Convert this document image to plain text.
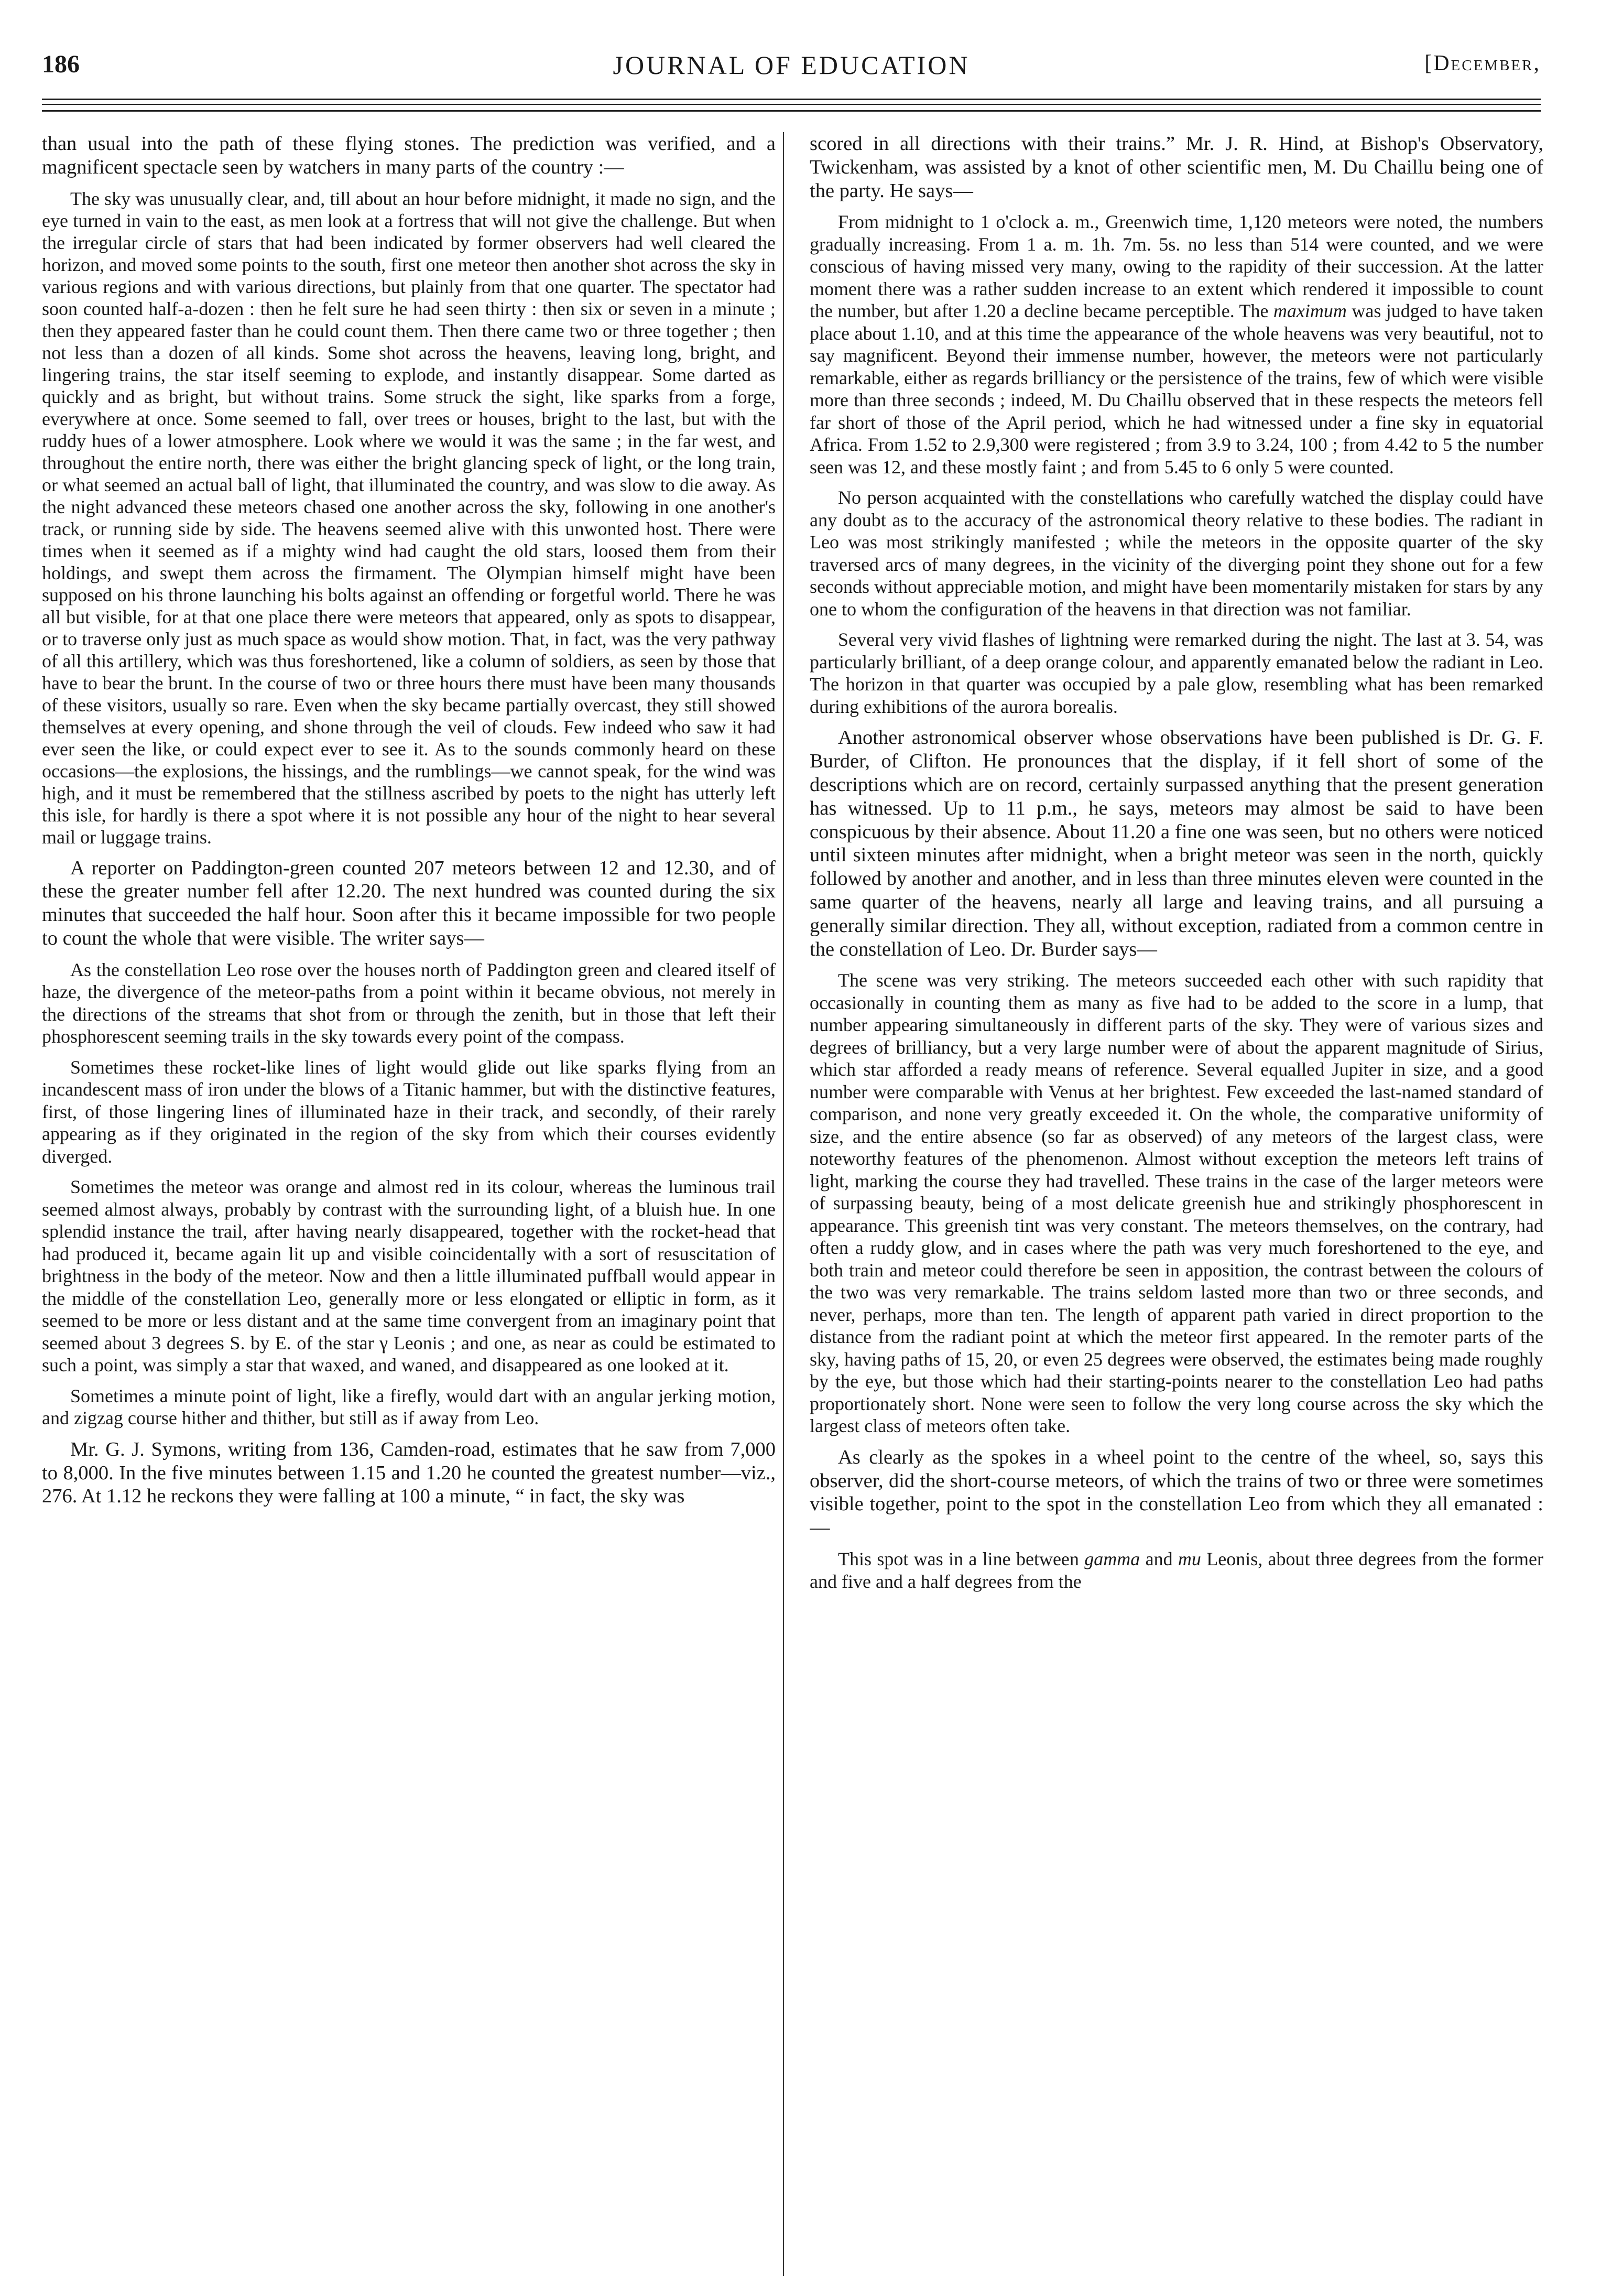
JOURNAL OF EDUCATION
186	[December,

than usual into the path of these flying stones. The prediction was verified, and a magnificent spectacle seen by watchers in many parts of the country :—

The sky was unusually clear, and, till about an hour before midnight, it made no sign, and the eye turned in vain to the east, as men look at a fortress that will not give the challenge. But when the irregular circle of stars that had been indicated by former observers had well cleared the horizon, and moved some points to the south, first one meteor then another shot across the sky in various regions and with various directions, but plainly from that one quarter. The spectator had soon counted half-a-dozen : then he felt sure he had seen thirty : then six or seven in a minute ; then they appeared faster than he could count them. Then there came two or three together ; then not less than a dozen of all kinds. Some shot across the heavens, leaving long, bright, and lingering trains, the star itself seeming to explode, and instantly disappear. Some darted as quickly and as bright, but without trains. Some struck the sight, like sparks from a forge, everywhere at once. Some seemed to fall, over trees or houses, bright to the last, but with the ruddy hues of a lower atmosphere. Look where we would it was the same ; in the far west, and throughout the entire north, there was either the bright glancing speck of light, or the long train, or what seemed an actual ball of light, that illuminated the country, and was slow to die away. As the night advanced these meteors chased one another across the sky, following in one another's track, or running side by side. The heavens seemed alive with this unwonted host. There were times when it seemed as if a mighty wind had caught the old stars, loosed them from their holdings, and swept them across the firmament. The Olympian himself might have been supposed on his throne launching his bolts against an offending or forgetful world. There he was all but visible, for at that one place there were meteors that appeared, only as spots to disappear, or to traverse only just as much space as would show motion. That, in fact, was the very pathway of all this artillery, which was thus foreshortened, like a column of soldiers, as seen by those that have to bear the brunt. In the course of two or three hours there must have been many thousands of these visitors, usually so rare. Even when the sky became partially overcast, they still showed themselves at every opening, and shone through the veil of clouds. Few indeed who saw it had ever seen the like, or could expect ever to see it. As to the sounds commonly heard on these occasions—the explosions, the hissings, and the rumblings—we cannot speak, for the wind was high, and it must be remembered that the stillness ascribed by poets to the night has utterly left this isle, for hardly is there a spot where it is not possible any hour of the night to hear several mail or luggage trains.

A reporter on Paddington-green counted 207 meteors between 12 and 12.30, and of these the greater number fell after 12.20. The next hundred was counted during the six minutes that succeeded the half hour. Soon after this it became impossible for two people to count the whole that were visible. The writer says—

As the constellation Leo rose over the houses north of Paddington green and cleared itself of haze, the divergence of the meteor-paths from a point within it became obvious, not merely in the directions of the streams that shot from or through the zenith, but in those that left their phosphorescent seeming trails in the sky towards every point of the compass.

Sometimes these rocket-like lines of light would glide out like sparks flying from an incandescent mass of iron under the blows of a Titanic hammer, but with the distinctive features, first, of those lingering lines of illuminated haze in their track, and secondly, of their rarely appearing as if they originated in the region of the sky from which their courses evidently diverged.

Sometimes the meteor was orange and almost red in its colour, whereas the luminous trail seemed almost always, probably by contrast with the surrounding light, of a bluish hue. In one splendid instance the trail, after having nearly disappeared, together with the rocket-head that had produced it, became again lit up and visible coincidentally with a sort of resuscitation of brightness in the body of the meteor. Now and then a little illuminated puffball would appear in the middle of the constellation Leo, generally more or less elongated or elliptic in form, as it seemed to be more or less distant and at the same time convergent from an imaginary point that seemed about 3 degrees S. by E. of the star γ Leonis ; and one, as near as could be estimated to such a point, was simply a star that waxed, and waned, and disappeared as one looked at it.

Sometimes a minute point of light, like a firefly, would dart with an angular jerking motion, and zigzag course hither and thither, but still as if away from Leo.

Mr. G. J. Symons, writing from 136, Camden-road, estimates that he saw from 7,000 to 8,000. In the five minutes between 1.15 and 1.20 he counted the greatest number—viz., 276. At 1.12 he reckons they were falling at 100 a minute, “ in fact, the sky was

scored in all directions with their trains.” Mr. J. R. Hind, at Bishop's Observatory, Twickenham, was assisted by a knot of other scientific men, M. Du Chaillu being one of the party. He says—

From midnight to 1 o'clock a. m., Greenwich time, 1,120 meteors were noted, the numbers gradually increasing. From 1 a. m. 1h. 7m. 5s. no less than 514 were counted, and we were conscious of having missed very many, owing to the rapidity of their succession. At the latter moment there was a rather sudden increase to an extent which rendered it impossible to count the number, but after 1.20 a decline became perceptible. The maximum was judged to have taken place about 1.10, and at this time the appearance of the whole heavens was very beautiful, not to say magnificent. Beyond their immense number, however, the meteors were not particularly remarkable, either as regards brilliancy or the persistence of the trains, few of which were visible more than three seconds ; indeed, M. Du Chaillu observed that in these respects the meteors fell far short of those of the April period, which he had witnessed under a fine sky in equatorial Africa. From 1.52 to 2.9,300 were registered ; from 3.9 to 3.24, 100 ; from 4.42 to 5 the number seen was 12, and these mostly faint ; and from 5.45 to 6 only 5 were counted.

No person acquainted with the constellations who carefully watched the display could have any doubt as to the accuracy of the astronomical theory relative to these bodies. The radiant in Leo was most strikingly manifested ; while the meteors in the opposite quarter of the sky traversed arcs of many degrees, in the vicinity of the diverging point they shone out for a few seconds without appreciable motion, and might have been momentarily mistaken for stars by any one to whom the configuration of the heavens in that direction was not familiar.

Several very vivid flashes of lightning were remarked during the night. The last at 3. 54, was particularly brilliant, of a deep orange colour, and apparently emanated below the radiant in Leo. The horizon in that quarter was occupied by a pale glow, resembling what has been remarked during exhibitions of the aurora borealis.

Another astronomical observer whose observations have been published is Dr. G. F. Burder, of Clifton. He pronounces that the display, if it fell short of some of the descriptions which are on record, certainly surpassed anything that the present generation has witnessed. Up to 11 p.m., he says, meteors may almost be said to have been conspicuous by their absence. About 11.20 a fine one was seen, but no others were noticed until sixteen minutes after midnight, when a bright meteor was seen in the north, quickly followed by another and another, and in less than three minutes eleven were counted in the same quarter of the heavens, nearly all large and leaving trains, and all pursuing a generally similar direction. They all, without exception, radiated from a common centre in the constellation of Leo. Dr. Burder says—

The scene was very striking. The meteors succeeded each other with such rapidity that occasionally in counting them as many as five had to be added to the score in a lump, that number appearing simultaneously in different parts of the sky. They were of various sizes and degrees of brilliancy, but a very large number were of about the apparent magnitude of Sirius, which star afforded a ready means of reference. Several equalled Jupiter in size, and a good number were comparable with Venus at her brightest. Few exceeded the last-named standard of comparison, and none very greatly exceeded it. On the whole, the comparative uniformity of size, and the entire absence (so far as observed) of any meteors of the largest class, were noteworthy features of the phenomenon. Almost without exception the meteors left trains of light, marking the course they had travelled. These trains in the case of the larger meteors were of surpassing beauty, being of a most delicate greenish hue and strikingly phosphorescent in appearance. This greenish tint was very constant. The meteors themselves, on the contrary, had often a ruddy glow, and in cases where the path was very much foreshortened to the eye, and both train and meteor could therefore be seen in apposition, the contrast between the colours of the two was very remarkable. The trains seldom lasted more than two or three seconds, and never, perhaps, more than ten. The length of apparent path varied in direct proportion to the distance from the radiant point at which the meteor first appeared. In the remoter parts of the sky, having paths of 15, 20, or even 25 degrees were observed, the estimates being made roughly by the eye, but those which had their starting-points nearer to the constellation Leo had paths proportionately short. None were seen to follow the very long course across the sky which the largest class of meteors often take.

As clearly as the spokes in a wheel point to the centre of the wheel, so, says this observer, did the short-course meteors, of which the trains of two or three were sometimes visible together, point to the spot in the constellation Leo from which they all emanated :—

This spot was in a line between gamma and mu Leonis, about three degrees from the former and five and a half degrees from the
